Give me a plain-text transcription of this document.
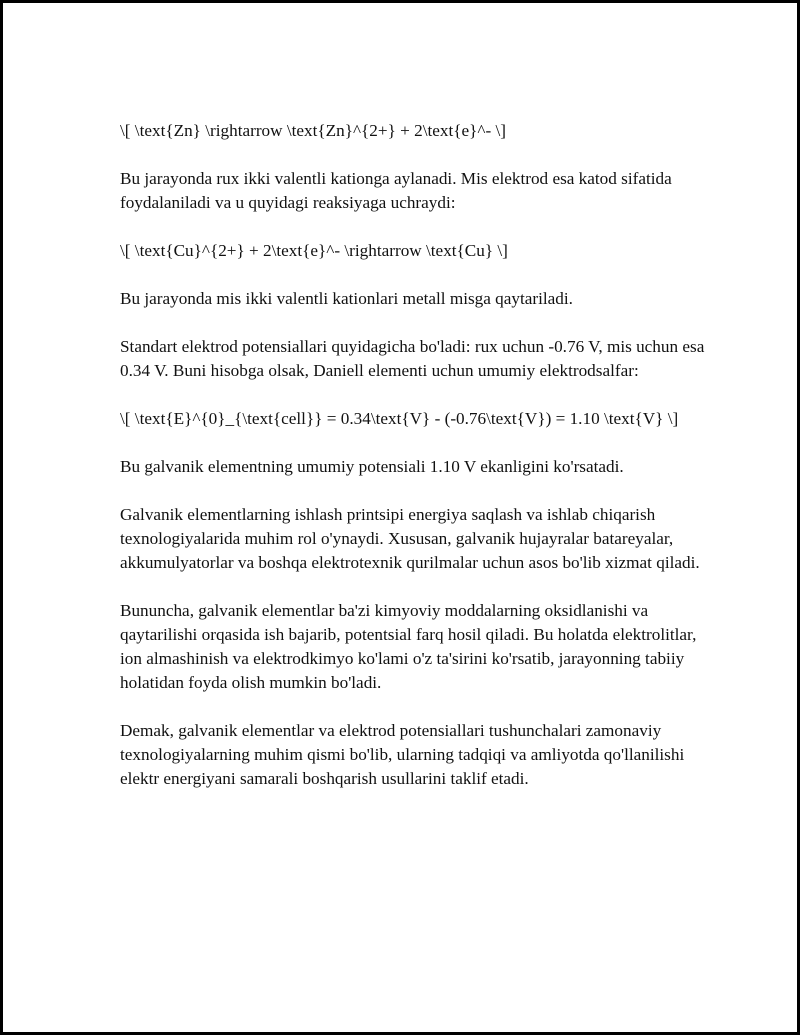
\[ \text{Zn} \rightarrow \text{Zn}^{2+} + 2\text{e}^- \]

Bu jarayonda rux ikki valentli kationga aylanadi. Mis elektrod esa katod sifatida foydalaniladi va u quyidagi reaksiyaga uchraydi:

\[ \text{Cu}^{2+} + 2\text{e}^- \rightarrow \text{Cu} \]

Bu jarayonda mis ikki valentli kationlari metall misga qaytariladi.

Standart elektrod potensiallari quyidagicha bo'ladi: rux uchun -0.76 V, mis uchun esa 0.34 V. Buni hisobga olsak, Daniell elementi uchun umumiy elektrodsalfar:

\[ \text{E}^{0}_{\text{cell}} = 0.34\text{V} - (-0.76\text{V}) = 1.10 \text{V} \]

Bu galvanik elementning umumiy potensiali 1.10 V ekanligini ko'rsatadi.

Galvanik elementlarning ishlash printsipi energiya saqlash va ishlab chiqarish texnologiyalarida muhim rol o'ynaydi. Xususan, galvanik hujayralar batareyalar, akkumulyatorlar va boshqa elektrotexnik qurilmalar uchun asos bo'lib xizmat qiladi.

Bununcha, galvanik elementlar ba'zi kimyoviy moddalarning oksidlanishi va qaytarilishi orqasida ish bajarib, potentsial farq hosil qiladi. Bu holatda elektrolitlar, ion almashinish va elektrodkimyo ko'lami o'z ta'sirini ko'rsatib, jarayonning tabiiy holatidan foyda olish mumkin bo'ladi.

Demak, galvanik elementlar va elektrod potensiallari tushunchalari zamonaviy texnologiyalarning muhim qismi bo'lib, ularning tadqiqi va amliyotda qo'llanilishi elektr energiyani samarali boshqarish usullarini taklif etadi.
